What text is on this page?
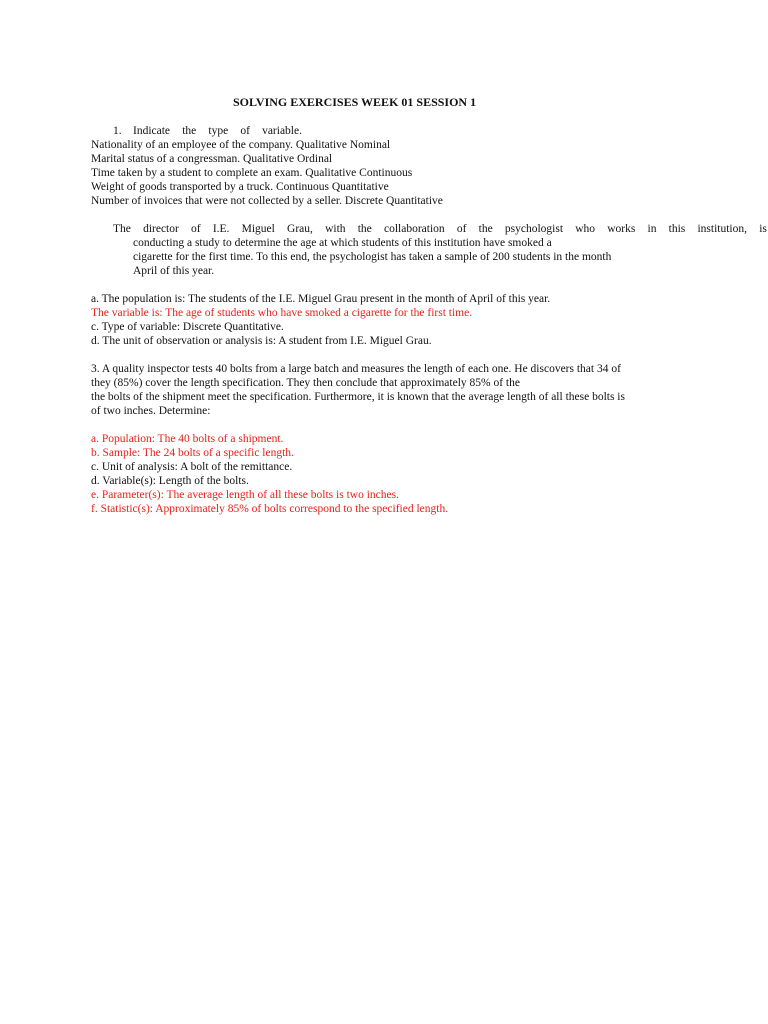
SOLVING EXERCISES WEEK 01 SESSION 1
1. Indicate the type of variable.
Nationality of an employee of the company. Qualitative Nominal
Marital status of a congressman. Qualitative Ordinal
Time taken by a student to complete an exam. Qualitative Continuous
Weight of goods transported by a truck. Continuous Quantitative
Number of invoices that were not collected by a seller. Discrete Quantitative
The director of I.E. Miguel Grau, with the collaboration of the psychologist who works in this institution, is
conducting a study to determine the age at which students of this institution have smoked a
cigarette for the first time. To this end, the psychologist has taken a sample of 200 students in the month
April of this year.
a. The population is: The students of the I.E. Miguel Grau present in the month of April of this year.
The variable is: The age of students who have smoked a cigarette for the first time.
c. Type of variable: Discrete Quantitative.
d. The unit of observation or analysis is: A student from I.E. Miguel Grau.
3. A quality inspector tests 40 bolts from a large batch and measures the length of each one. He discovers that 34 of
they (85%) cover the length specification. They then conclude that approximately 85% of the
the bolts of the shipment meet the specification. Furthermore, it is known that the average length of all these bolts is
of two inches. Determine:
a. Population: The 40 bolts of a shipment.
b. Sample: The 24 bolts of a specific length.
c. Unit of analysis: A bolt of the remittance.
d. Variable(s): Length of the bolts.
e. Parameter(s): The average length of all these bolts is two inches.
f. Statistic(s): Approximately 85% of bolts correspond to the specified length.
